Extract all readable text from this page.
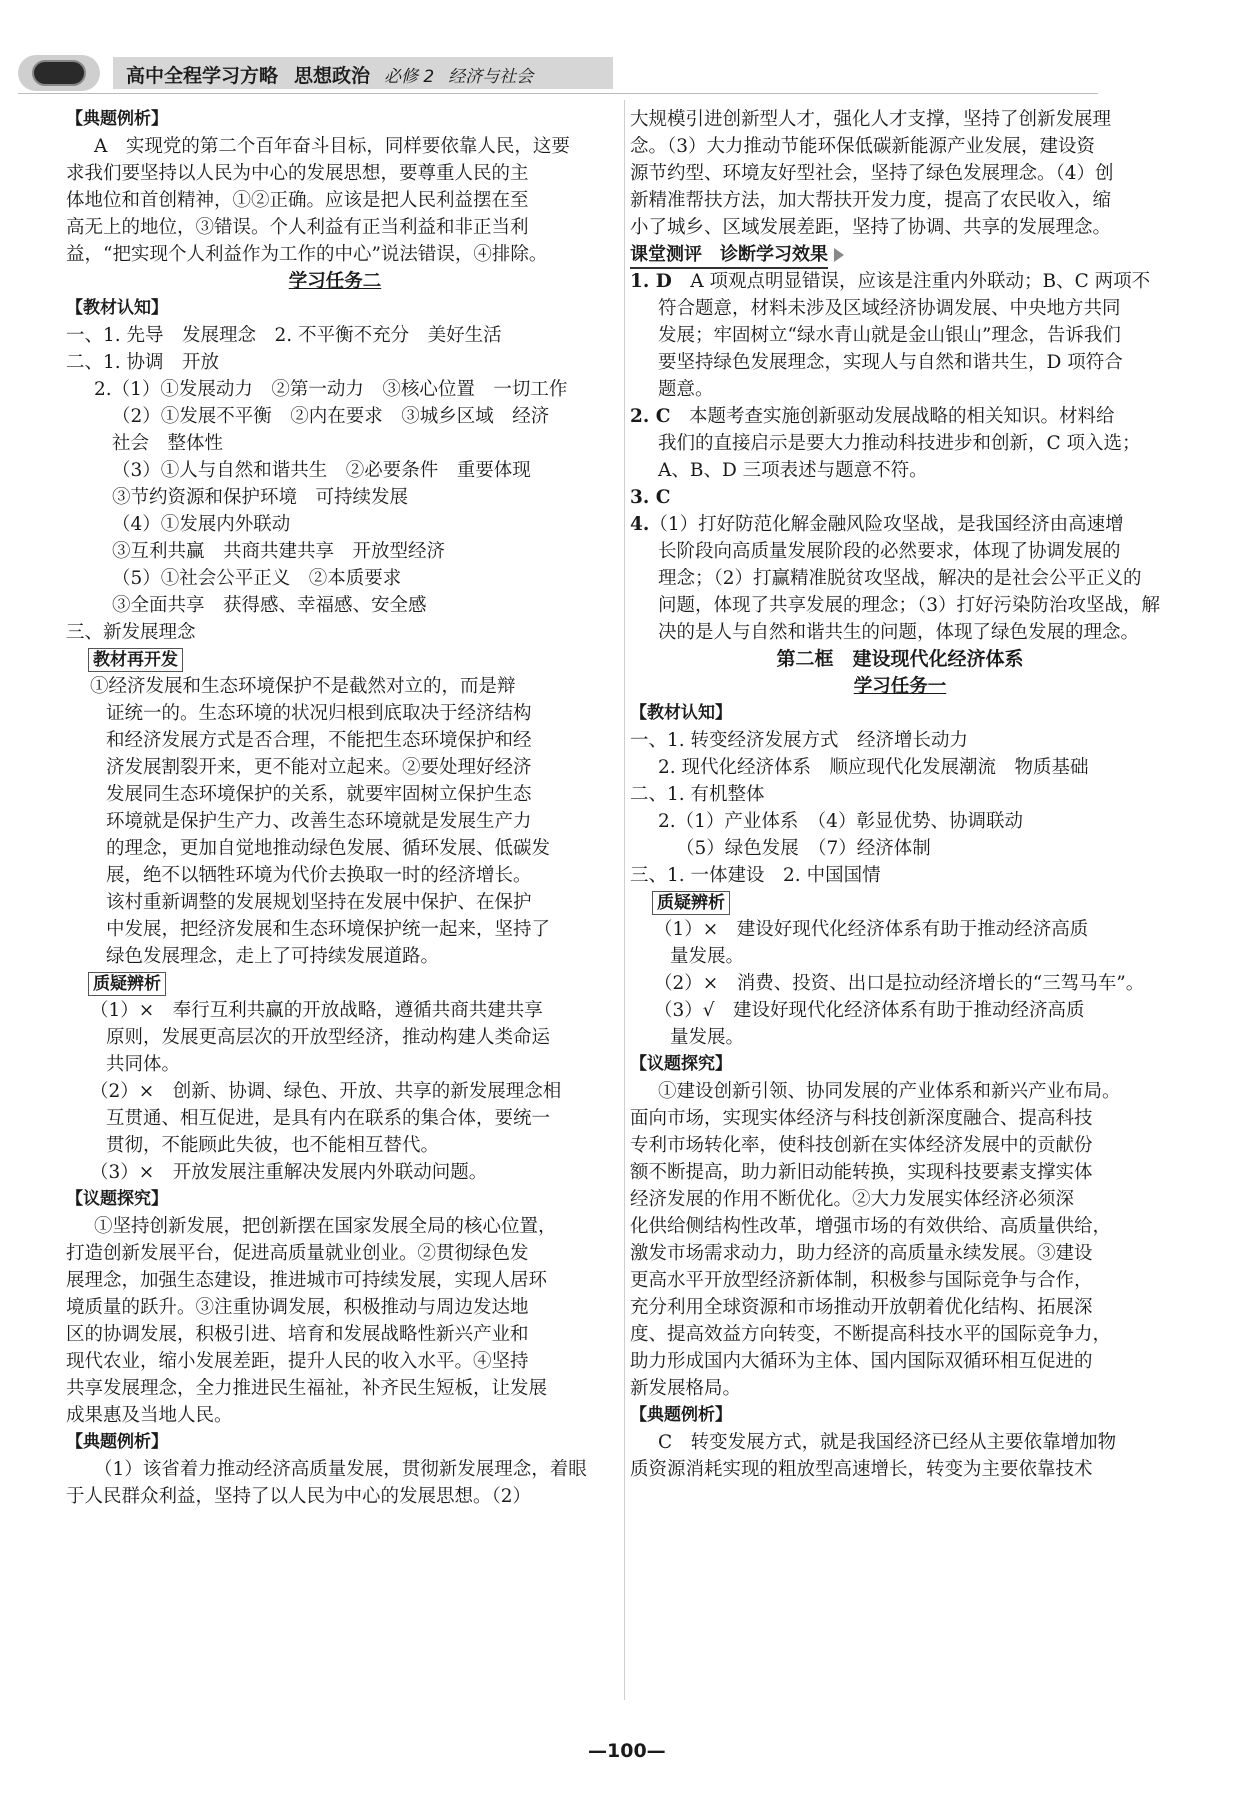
高中全程学习方略 思想政治 必修 2 经济与社会
【典题例析】
A　实现党的第二个百年奋斗目标，同样要依靠人民，这要
求我们要坚持以人民为中心的发展思想，要尊重人民的主
体地位和首创精神，①②正确。应该是把人民利益摆在至
高无上的地位，③错误。个人利益有正当利益和非正当利
益，“把实现个人利益作为工作的中心”说法错误，④排除。
学习任务二
【教材认知】
一、1. 先导　发展理念　2. 不平衡不充分　美好生活
二、1. 协调　开放
2.（1）①发展动力　②第一动力　③核心位置　一切工作
（2）①发展不平衡　②内在要求　③城乡区域　经济
社会　整体性
（3）①人与自然和谐共生　②必要条件　重要体现
③节约资源和保护环境　可持续发展
（4）①发展内外联动
③互利共赢　共商共建共享　开放型经济
（5）①社会公平正义　②本质要求
③全面共享　获得感、幸福感、安全感
三、新发展理念
教材再开发
①经济发展和生态环境保护不是截然对立的，而是辩
证统一的。生态环境的状况归根到底取决于经济结构
和经济发展方式是否合理，不能把生态环境保护和经
济发展割裂开来，更不能对立起来。②要处理好经济
发展同生态环境保护的关系，就要牢固树立保护生态
环境就是保护生产力、改善生态环境就是发展生产力
的理念，更加自觉地推动绿色发展、循环发展、低碳发
展，绝不以牺牲环境为代价去换取一时的经济增长。
该村重新调整的发展规划坚持在发展中保护、在保护
中发展，把经济发展和生态环境保护统一起来，坚持了
绿色发展理念，走上了可持续发展道路。
质疑辨析
（1）×　奉行互利共赢的开放战略，遵循共商共建共享
原则，发展更高层次的开放型经济，推动构建人类命运
共同体。
（2）×　创新、协调、绿色、开放、共享的新发展理念相
互贯通、相互促进，是具有内在联系的集合体，要统一
贯彻，不能顾此失彼，也不能相互替代。
（3）×　开放发展注重解决发展内外联动问题。
【议题探究】
①坚持创新发展，把创新摆在国家发展全局的核心位置，
打造创新发展平台，促进高质量就业创业。②贯彻绿色发
展理念，加强生态建设，推进城市可持续发展，实现人居环
境质量的跃升。③注重协调发展，积极推动与周边发达地
区的协调发展，积极引进、培育和发展战略性新兴产业和
现代农业，缩小发展差距，提升人民的收入水平。④坚持
共享发展理念，全力推进民生福祉，补齐民生短板，让发展
成果惠及当地人民。
【典题例析】
（1）该省着力推动经济高质量发展，贯彻新发展理念，着眼
于人民群众利益，坚持了以人民为中心的发展思想。（2）
大规模引进创新型人才，强化人才支撑，坚持了创新发展理
念。（3）大力推动节能环保低碳新能源产业发展，建设资
源节约型、环境友好型社会，坚持了绿色发展理念。（4）创
新精准帮扶方法，加大帮扶开发力度，提高了农民收入，缩
小了城乡、区域发展差距，坚持了协调、共享的发展理念。
课堂测评　诊断学习效果
1. D　A 项观点明显错误，应该是注重内外联动；B、C 两项不
符合题意，材料未涉及区域经济协调发展、中央地方共同
发展；牢固树立“绿水青山就是金山银山”理念，告诉我们
要坚持绿色发展理念，实现人与自然和谐共生，D 项符合
题意。
2. C　本题考查实施创新驱动发展战略的相关知识。材料给
我们的直接启示是要大力推动科技进步和创新，C 项入选；
A、B、D 三项表述与题意不符。
3. C
4.（1）打好防范化解金融风险攻坚战，是我国经济由高速增
长阶段向高质量发展阶段的必然要求，体现了协调发展的
理念；（2）打赢精准脱贫攻坚战，解决的是社会公平正义的
问题，体现了共享发展的理念；（3）打好污染防治攻坚战，解
决的是人与自然和谐共生的问题，体现了绿色发展的理念。
第二框　建设现代化经济体系
学习任务一
【教材认知】
一、1. 转变经济发展方式　经济增长动力
2. 现代化经济体系　顺应现代化发展潮流　物质基础
二、1. 有机整体
2.（1）产业体系　（4）彰显优势、协调联动
（5）绿色发展　（7）经济体制
三、1. 一体建设　2. 中国国情
质疑辨析
（1）×　建设好现代化经济体系有助于推动经济高质
量发展。
（2）×　消费、投资、出口是拉动经济增长的“三驾马车”。
（3）√　建设好现代化经济体系有助于推动经济高质
量发展。
【议题探究】
①建设创新引领、协同发展的产业体系和新兴产业布局。
面向市场，实现实体经济与科技创新深度融合、提高科技
专利市场转化率，使科技创新在实体经济发展中的贡献份
额不断提高，助力新旧动能转换，实现科技要素支撑实体
经济发展的作用不断优化。②大力发展实体经济必须深
化供给侧结构性改革，增强市场的有效供给、高质量供给，
激发市场需求动力，助力经济的高质量永续发展。③建设
更高水平开放型经济新体制，积极参与国际竞争与合作，
充分利用全球资源和市场推动开放朝着优化结构、拓展深
度、提高效益方向转变，不断提高科技水平的国际竞争力，
助力形成国内大循环为主体、国内国际双循环相互促进的
新发展格局。
【典题例析】
C　转变发展方式，就是我国经济已经从主要依靠增加物
质资源消耗实现的粗放型高速增长，转变为主要依靠技术
—100—
